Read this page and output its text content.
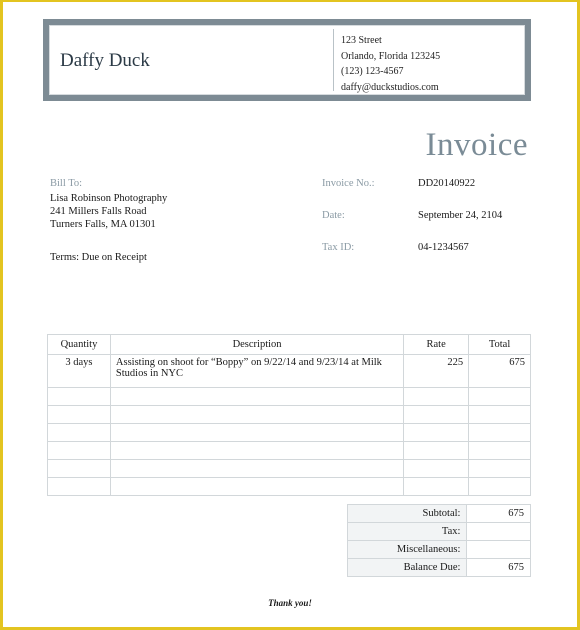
Daffy Duck
123 Street
Orlando, Florida 123245
(123) 123-4567
daffy@duckstudios.com
Invoice
Bill To:
Lisa Robinson Photography
241 Millers Falls Road
Turners Falls, MA 01301
Terms: Due on Receipt
Invoice No.:	DD20140922
Date:	September 24, 2104
Tax ID:	04-1234567
Quantity	Description	Rate	Total
3 days	Assisting on shoot for “Boppy” on 9/22/14 and 9/23/14 at Milk Studios in NYC	225	675

Subtotal:	675
Tax:	
Miscellaneous:	
Balance Due:	675
Thank you!
